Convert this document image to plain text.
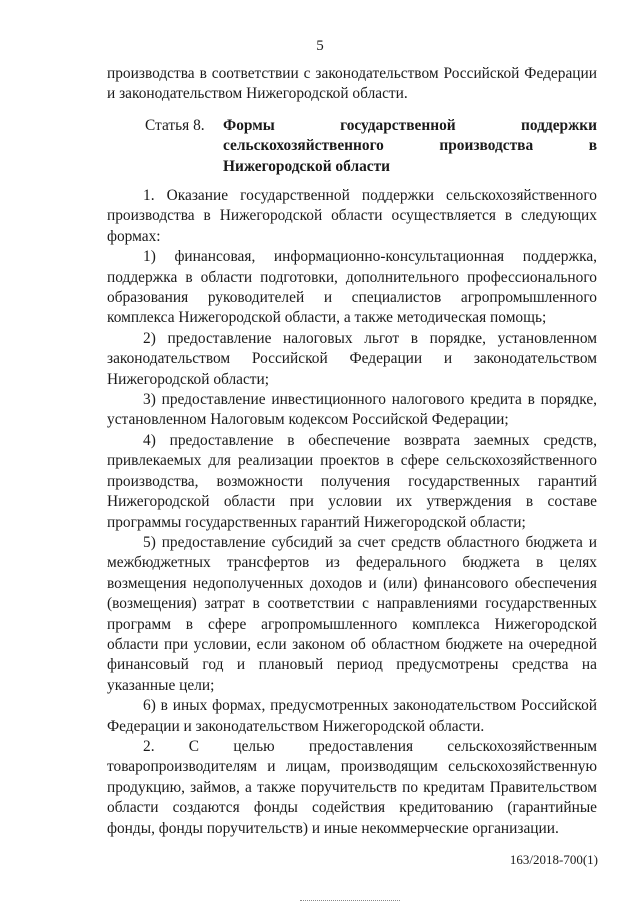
5
производства в соответствии с законодательством Российской Федерации и законодательством Нижегородской области.
Статья 8.	Формы государственной поддержки сельскохозяйственного производства в Нижегородской области

1. Оказание государственной поддержки сельскохозяйственного производства в Нижегородской области осуществляется в следующих формах:

1) финансовая, информационно-консультационная поддержка, поддержка в области подготовки, дополнительного профессионального образования руководителей и специалистов агропромышленного комплекса Нижегородской области, а также методическая помощь;

2) предоставление налоговых льгот в порядке, установленном законодательством Российской Федерации и законодательством Нижегородской области;

3) предоставление инвестиционного налогового кредита в порядке, установленном Налоговым кодексом Российской Федерации;

4) предоставление в обеспечение возврата заемных средств, привлекаемых для реализации проектов в сфере сельскохозяйственного производства, возможности получения государственных гарантий Нижегородской области при условии их утверждения в составе программы государственных гарантий Нижегородской области;

5) предоставление субсидий за счет средств областного бюджета и межбюджетных трансфертов из федерального бюджета в целях возмещения недополученных доходов и (или) финансового обеспечения (возмещения) затрат в соответствии с направлениями государственных программ в сфере агропромышленного комплекса Нижегородской области при условии, если законом об областном бюджете на очередной финансовый год и плановый период предусмотрены средства на указанные цели;

6) в иных формах, предусмотренных законодательством Российской Федерации и законодательством Нижегородской области.

2. С целью предоставления сельскохозяйственным товаропроизводителям и лицам, производящим сельскохозяйственную продукцию, займов, а также поручительств по кредитам Правительством области создаются фонды содействия кредитованию (гарантийные фонды, фонды поручительств) и иные некоммерческие организации.

163/2018-700(1)
